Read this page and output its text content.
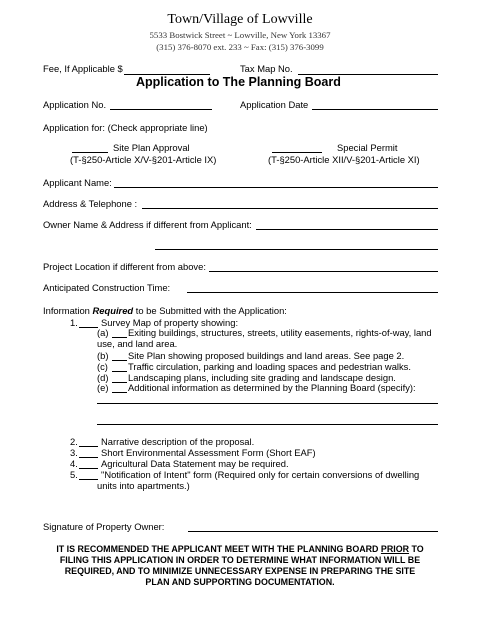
Town/Village of Lowville
5533 Bostwick Street ~ Lowville, New York 13367
(315) 376-8070 ext. 233 ~ Fax: (315) 376-3099
Fee, If Applicable $	Tax Map No.
Application to The Planning Board
Application No.	Application Date
Application for: (Check appropriate line)
Site Plan Approval
(T-§250-Article X/V-§201-Article IX)
Special Permit
(T-§250-Article XII/V-§201-Article XI)
Applicant Name:
Address & Telephone :
Owner Name & Address if different from Applicant:
Project Location if different from above:
Anticipated Construction Time:
Information Required to be Submitted with the Application:
1. Survey Map of property showing:
(a) Exiting buildings, structures, streets, utility easements, rights-of-way, land
use, and land area.
(b) Site Plan showing proposed buildings and land areas. See page 2.
(c) Traffic circulation, parking and loading spaces and pedestrian walks.
(d) Landscaping plans, including site grading and landscape design.
(e) Additional information as determined by the Planning Board (specify):
2. Narrative description of the proposal.
3. Short Environmental Assessment Form (Short EAF)
4. Agricultural Data Statement may be required.
5. "Notification of Intent" form (Required only for certain conversions of dwelling
units into apartments.)
Signature of Property Owner:
IT IS RECOMMENDED THE APPLICANT MEET WITH THE PLANNING BOARD PRIOR TO
FILING THIS APPLICATION IN ORDER TO DETERMINE WHAT INFORMATION WILL BE
REQUIRED, AND TO MINIMIZE UNNECESSARY EXPENSE IN PREPARING THE SITE
PLAN AND SUPPORTING DOCUMENTATION.
